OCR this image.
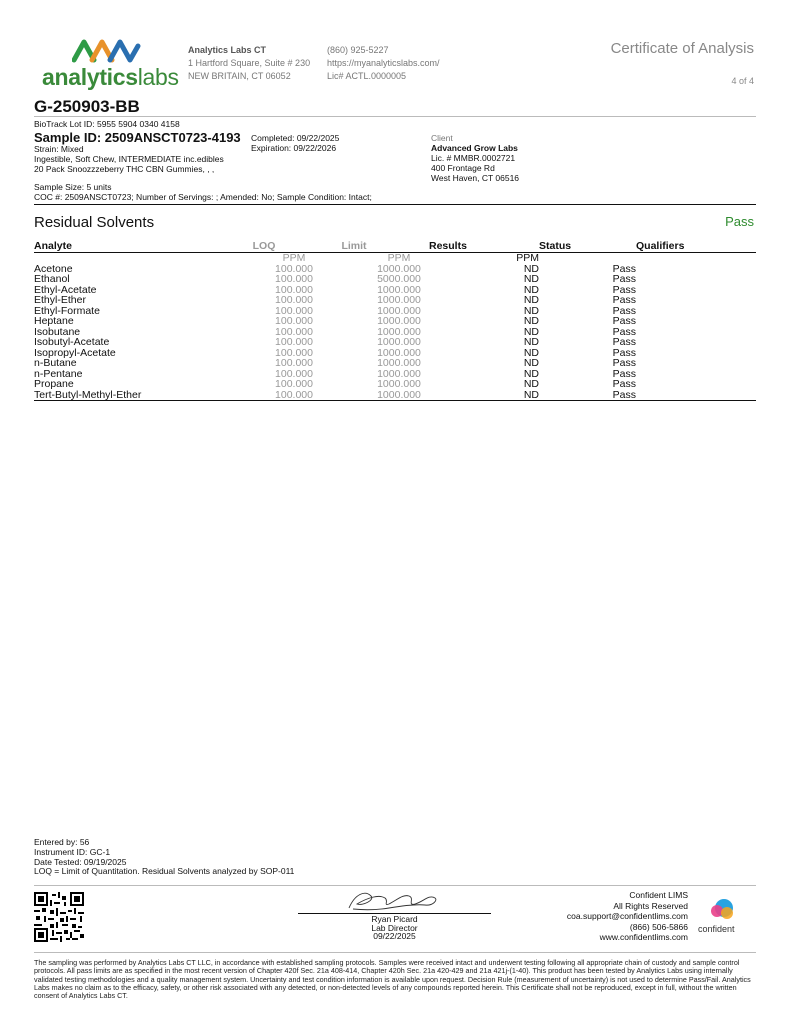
analyticslabs
Analytics Labs CT
1 Hartford Square, Suite # 230
NEW BRITAIN, CT 06052
(860) 925-5227
https://myanalyticslabs.com/
Lic# ACTL.0000005
Certificate of Analysis
4 of 4
G-250903-BB
BioTrack Lot ID: 5955 5904 0340 4158
Sample ID: 2509ANSCT0723-4193
Strain: Mixed
Ingestible, Soft Chew, INTERMEDIATE inc.edibles
20 Pack Snoozzzeberry THC CBN Gummies, , ,
Completed: 09/22/2025
Expiration: 09/22/2026
Client
Advanced Grow Labs
Lic. # MMBR.0002721
400 Frontage Rd
West Haven, CT 06516
Sample Size: 5 units
COC #: 2509ANSCT0723; Number of Servings: ; Amended: No; Sample Condition: Intact;
Residual Solvents	Pass
Analyte	LOQ	Limit	Results	Status	Qualifiers
	PPM	PPM	PPM		
Acetone	100.000	1000.000	ND	Pass	
Ethanol	100.000	5000.000	ND	Pass	
Ethyl-Acetate	100.000	1000.000	ND	Pass	
Ethyl-Ether	100.000	1000.000	ND	Pass	
Ethyl-Formate	100.000	1000.000	ND	Pass	
Heptane	100.000	1000.000	ND	Pass	
Isobutane	100.000	1000.000	ND	Pass	
Isobutyl-Acetate	100.000	1000.000	ND	Pass	
Isopropyl-Acetate	100.000	1000.000	ND	Pass	
n-Butane	100.000	1000.000	ND	Pass	
n-Pentane	100.000	1000.000	ND	Pass	
Propane	100.000	1000.000	ND	Pass	
Tert-Butyl-Methyl-Ether	100.000	1000.000	ND	Pass	
Entered by: 56
Instrument ID: GC-1
Date Tested: 09/19/2025
LOQ = Limit of Quantitation. Residual Solvents analyzed by SOP-011
Ryan Picard
Lab Director
09/22/2025
Confident LIMS
All Rights Reserved
coa.support@confidentlims.com
(866) 506-5866
www.confidentlims.com
confident
The sampling was performed by Analytics Labs CT LLC, in accordance with established sampling protocols. Samples were received intact and underwent testing following all appropriate chain of custody and sample control protocols. All pass limits are as specified in the most recent version of Chapter 420f Sec. 21a 408-414, Chapter 420h Sec. 21a 420-429 and 21a 421j-(1-40). This product has been tested by Analytics Labs using internally validated testing methodologies and a quality management system. Uncertainty and test condition information is available upon request. Decision Rule (measurement of uncertainty) is not used to determine Pass/Fail. Analytics Labs makes no claim as to the efficacy, safety, or other risk associated with any detected, or non-detected levels of any compounds reported herein. This Certificate shall not be reproduced, except in full, without the written consent of Analytics Labs CT.
